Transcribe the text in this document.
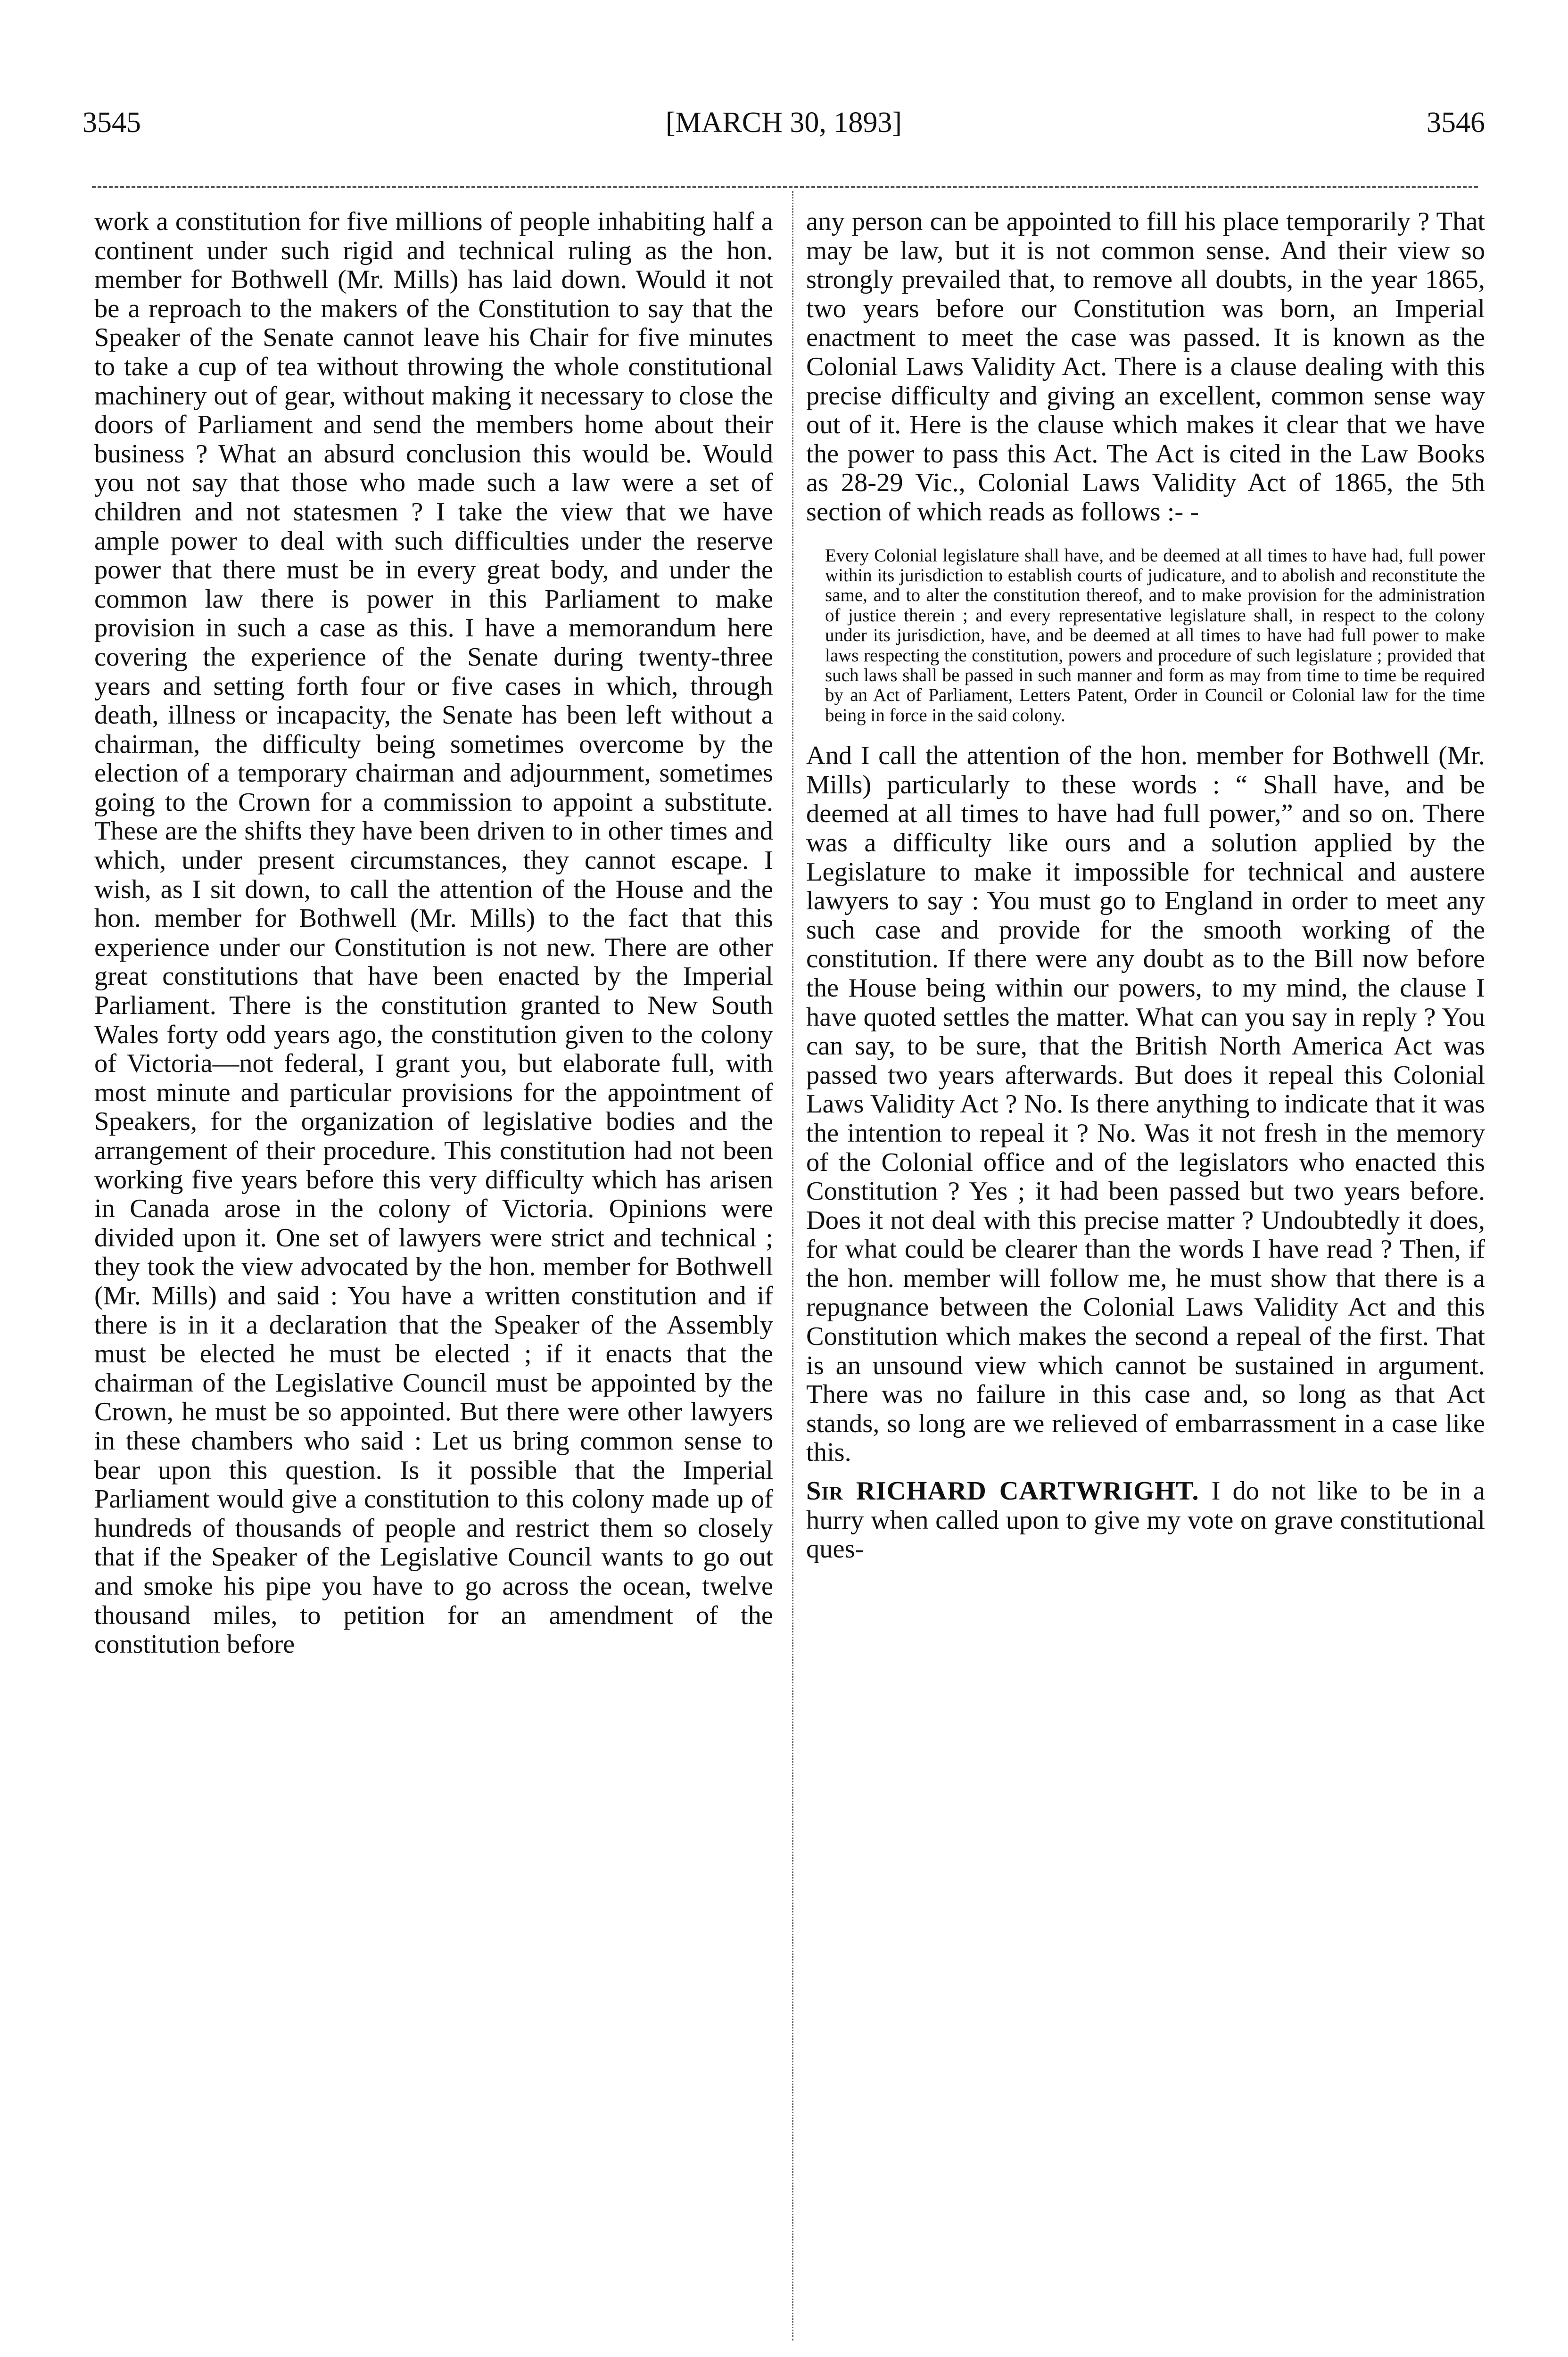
3545	[MARCH 30, 1893]	3546

work a constitution for five millions of people inhabiting half a continent under such rigid and technical ruling as the hon. member for Bothwell (Mr. Mills) has laid down. Would it not be a reproach to the makers of the Constitution to say that the Speaker of the Senate cannot leave his Chair for five minutes to take a cup of tea without throwing the whole constitutional machinery out of gear, without making it necessary to close the doors of Parliament and send the members home about their business ? What an absurd conclusion this would be. Would you not say that those who made such a law were a set of children and not statesmen ? I take the view that we have ample power to deal with such difficulties under the reserve power that there must be in every great body, and under the common law there is power in this Parliament to make provision in such a case as this. I have a memorandum here covering the experience of the Senate during twenty-three years and setting forth four or five cases in which, through death, illness or incapacity, the Senate has been left without a chairman, the difficulty being sometimes overcome by the election of a temporary chairman and adjournment, sometimes going to the Crown for a commission to appoint a substitute. These are the shifts they have been driven to in other times and which, under present circumstances, they cannot escape. I wish, as I sit down, to call the attention of the House and the hon. member for Bothwell (Mr. Mills) to the fact that this experience under our Constitution is not new. There are other great constitutions that have been enacted by the Imperial Parliament. There is the constitution granted to New South Wales forty odd years ago, the constitution given to the colony of Victoria—not federal, I grant you, but elaborate full, with most minute and particular provisions for the appointment of Speakers, for the organization of legislative bodies and the arrangement of their procedure. This constitution had not been working five years before this very difficulty which has arisen in Canada arose in the colony of Victoria. Opinions were divided upon it. One set of lawyers were strict and technical ; they took the view advocated by the hon. member for Bothwell (Mr. Mills) and said : You have a written constitution and if there is in it a declaration that the Speaker of the Assembly must be elected he must be elected ; if it enacts that the chairman of the Legislative Council must be appointed by the Crown, he must be so appointed. But there were other lawyers in these chambers who said : Let us bring common sense to bear upon this question. Is it possible that the Imperial Parliament would give a constitution to this colony made up of hundreds of thousands of people and restrict them so closely that if the Speaker of the Legislative Council wants to go out and smoke his pipe you have to go across the ocean, twelve thousand miles, to petition for an amendment of the constitution before

any person can be appointed to fill his place temporarily ? That may be law, but it is not common sense. And their view so strongly prevailed that, to remove all doubts, in the year 1865, two years before our Constitution was born, an Imperial enactment to meet the case was passed. It is known as the Colonial Laws Validity Act. There is a clause dealing with this precise difficulty and giving an excellent, common sense way out of it. Here is the clause which makes it clear that we have the power to pass this Act. The Act is cited in the Law Books as 28-29 Vic., Colonial Laws Validity Act of 1865, the 5th section of which reads as follows :- -

Every Colonial legislature shall have, and be deemed at all times to have had, full power within its jurisdiction to establish courts of judicature, and to abolish and reconstitute the same, and to alter the constitution thereof, and to make provision for the administration of justice therein ; and every representative legislature shall, in respect to the colony under its jurisdiction, have, and be deemed at all times to have had full power to make laws respecting the constitution, powers and procedure of such legislature ; provided that such laws shall be passed in such manner and form as may from time to time be required by an Act of Parliament, Letters Patent, Order in Council or Colonial law for the time being in force in the said colony.

And I call the attention of the hon. member for Bothwell (Mr. Mills) particularly to these words : “ Shall have, and be deemed at all times to have had full power,” and so on. There was a difficulty like ours and a solution applied by the Legislature to make it impossible for technical and austere lawyers to say : You must go to England in order to meet any such case and provide for the smooth working of the constitution. If there were any doubt as to the Bill now before the House being within our powers, to my mind, the clause I have quoted settles the matter. What can you say in reply ? You can say, to be sure, that the British North America Act was passed two years afterwards. But does it repeal this Colonial Laws Validity Act ? No. Is there anything to indicate that it was the intention to repeal it ? No. Was it not fresh in the memory of the Colonial office and of the legislators who enacted this Constitution ? Yes ; it had been passed but two years before. Does it not deal with this precise matter ? Undoubtedly it does, for what could be clearer than the words I have read ? Then, if the hon. member will follow me, he must show that there is a repugnance between the Colonial Laws Validity Act and this Constitution which makes the second a repeal of the first. That is an unsound view which cannot be sustained in argument. There was no failure in this case and, so long as that Act stands, so long are we relieved of embarrassment in a case like this.

Sir RICHARD CARTWRIGHT. I do not like to be in a hurry when called upon to give my vote on grave constitutional ques-
